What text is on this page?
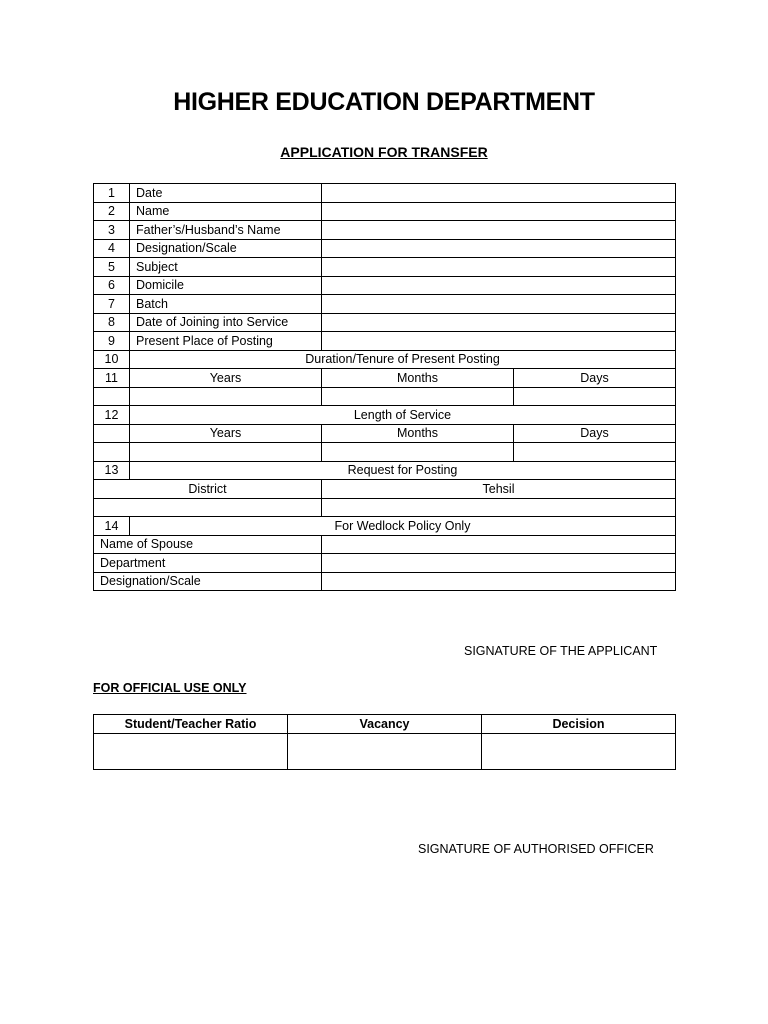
HIGHER EDUCATION DEPARTMENT
APPLICATION FOR TRANSFER
1	Date		
2	Name		
3	Father’s/Husband’s Name		
4	Designation/Scale		
5	Subject		
6	Domicile		
7	Batch		
8	Date of Joining into Service		
9	Present Place of Posting		
10	Duration/Tenure of Present Posting		
11	Years	Months	Days

12	Length of Service		
	Years	Months	Days

13	Request for Posting		
District		Tehsil	

14	For Wedlock Policy Only		
Name of Spouse			
Department			
Designation/Scale			
SIGNATURE OF THE APPLICANT
FOR OFFICIAL USE ONLY
Student/Teacher Ratio	Vacancy	Decision

SIGNATURE OF AUTHORISED OFFICER
